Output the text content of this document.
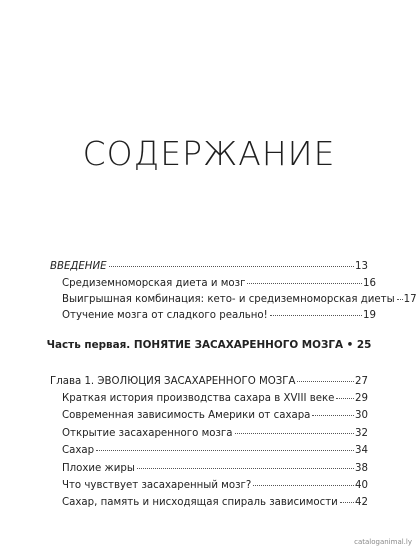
СОДЕРЖАНИЕ
ВВЕДЕНИЕ	13
Средиземноморская диета и мозг	16
Выигрышная комбинация: кето- и средиземноморская диеты 17
Отучение мозга от сладкого реально!	19
Часть первая. ПОНЯТИЕ ЗАСАХАРЕННОГО МОЗГА • 25
Глава 1. ЭВОЛЮЦИЯ ЗАСАХАРЕННОГО МОЗГА	27
Краткая история производства сахара в XVIII веке 29
Современная зависимость Америки от сахара	30
Открытие засахаренного мозга	32
Сахар	34
Плохие жиры	38
Что чувствует засахаренный мозг?	40
Сахар, память и нисходящая спираль зависимости 42
cataloganimal.ly
